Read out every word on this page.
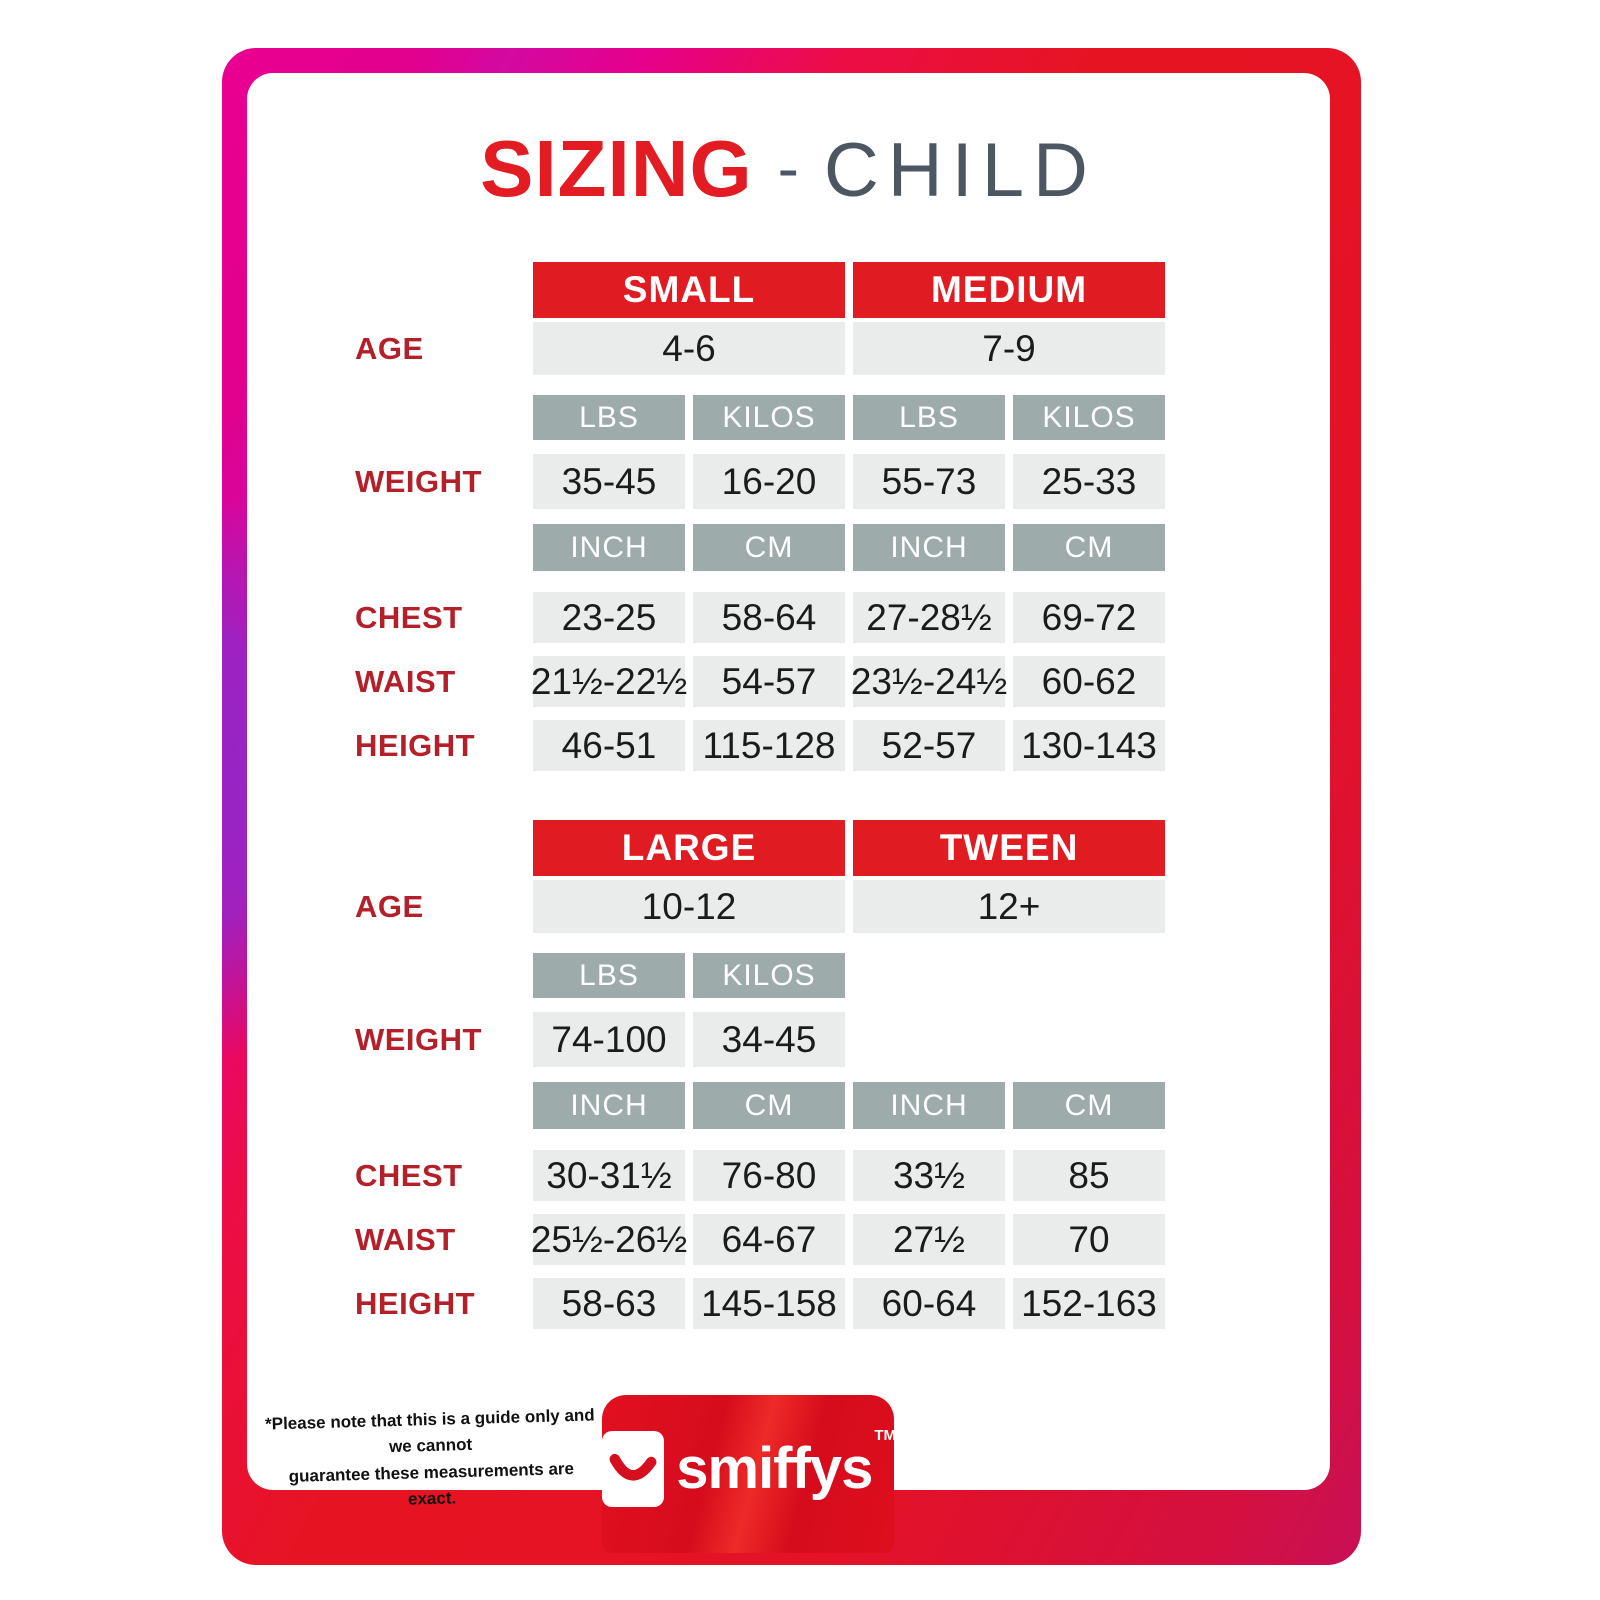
SIZING - CHILD
SMALL	MEDIUM
AGE	4-6	7-9
LBS	KILOS	LBS	KILOS
WEIGHT	35-45	16-20	55-73	25-33
INCH	CM	INCH	CM
CHEST	23-25	58-64	27-28½	69-72
WAIST	21½-22½ 54-57 23½-24½ 60-62
HEIGHT	46-51	115-128	52-57	130-143
LARGE	TWEEN
AGE	10-12	12+
LBS	KILOS
WEIGHT	74-100	34-45
INCH	CM	INCH	CM
CHEST	30-31½	76-80	33½	85
WAIST	25½-26½ 64-67	27½	70
HEIGHT	58-63	145-158	60-64	152-163
*Please note that this is a guide only and we cannot
guarantee these measurements are exact.	smiffys™
